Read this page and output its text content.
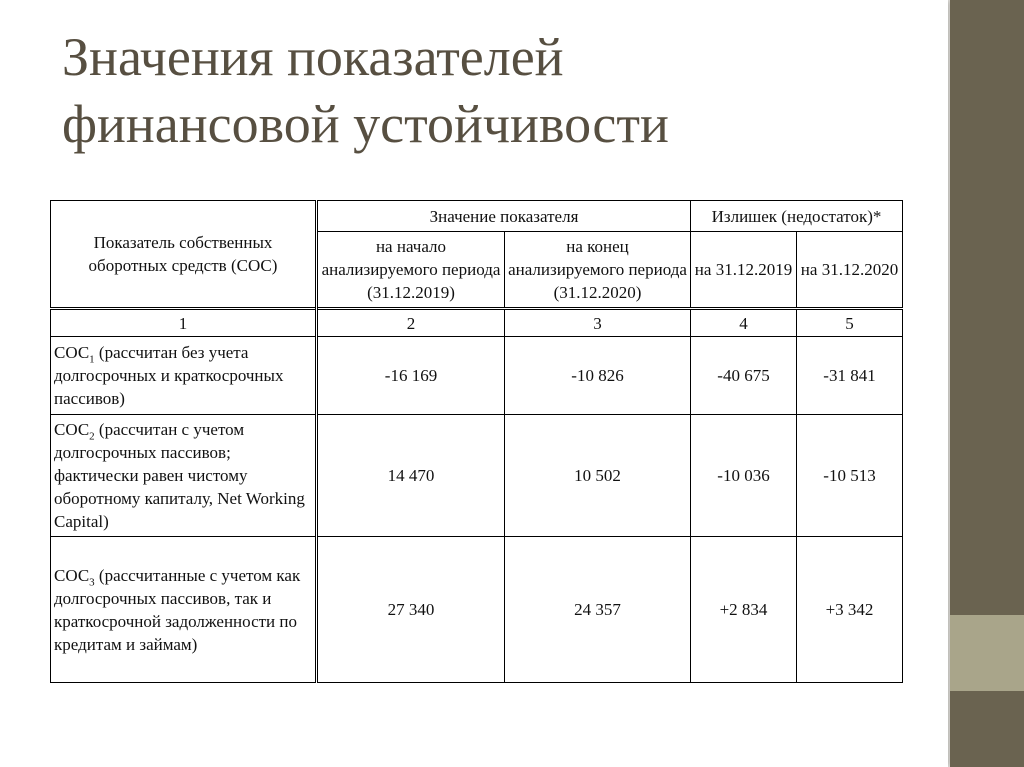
Значения показателей
финансовой устойчивости
Показатель собственных оборотных средств (СОС)	Значение показателя		Излишек (недостаток)*	
	на начало анализируемого периода (31.12.2019)	на конец анализируемого периода (31.12.2020)	на 31.12.2019	на 31.12.2020
1	2	3	4	5
$СОС_1$ (рассчитан без учета долгосрочных и краткосрочных пассивов)	-16 169	-10 826	-40 675	-31 841
$СОС_2$ (рассчитан с учетом долгосрочных пассивов; фактически равен чистому оборотному капиталу, Net Working Capital)	14 470	10 502	-10 036	-10 513
$СОС_3$ (рассчитанные с учетом как долгосрочных пассивов, так и краткосрочной задолженности по кредитам и займам)	27 340	24 357	+2 834	+3 342
